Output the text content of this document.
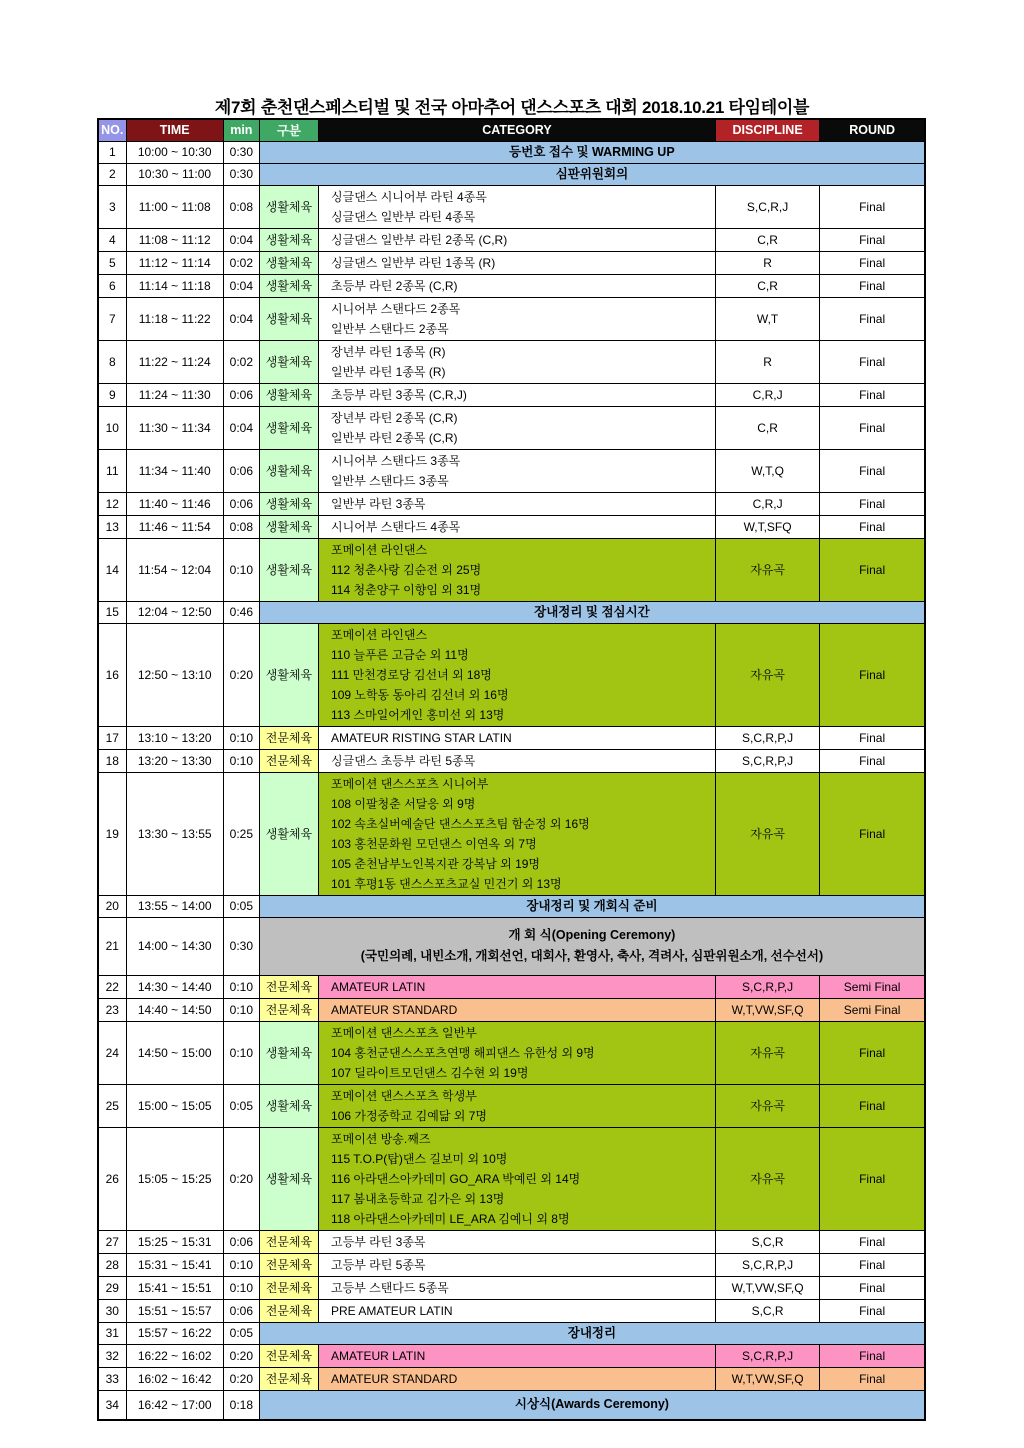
제7회 춘천댄스페스티벌 및 전국 아마추어 댄스스포츠 대회 2018.10.21 타임테이블
NO.	TIME	min	구분	CATEGORY	DISCIPLINE	ROUND
1	10:00 ~ 10:30	0:30	등번호 접수 및 WARMING UP			

2	10:30 ~ 11:00	0:30	심판위원회의			

3	11:00 ~ 11:08	0:08	생활체육	싱글댄스 시니어부 라틴 4종목
싱글댄스 일반부 라틴 4종목	S,C,R,J	Final
4	11:08 ~ 11:12	0:04	생활체육	싱글댄스 일반부 라틴 2종목 (C,R)	C,R	Final
5	11:12 ~ 11:14	0:02	생활체육	싱글댄스 일반부 라틴 1종목 (R)	R	Final
6	11:14 ~ 11:18	0:04	생활체육	초등부 라틴 2종목 (C,R)	C,R	Final
7	11:18 ~ 11:22	0:04	생활체육	시니어부 스탠다드 2종목
일반부 스탠다드 2종목	W,T	Final
8	11:22 ~ 11:24	0:02	생활체육	장년부 라틴 1종목 (R)
일반부 라틴 1종목 (R)	R	Final
9	11:24 ~ 11:30	0:06	생활체육	초등부 라틴 3종목 (C,R,J)	C,R,J	Final
10	11:30 ~ 11:34	0:04	생활체육	장년부 라틴 2종목 (C,R)
일반부 라틴 2종목 (C,R)	C,R	Final
11	11:34 ~ 11:40	0:06	생활체육	시니어부 스탠다드 3종목
일반부 스탠다드 3종목	W,T,Q	Final
12	11:40 ~ 11:46	0:06	생활체육	일반부 라틴 3종목	C,R,J	Final
13	11:46 ~ 11:54	0:08	생활체육	시니어부 스탠다드 4종목	W,T,SFQ	Final
14	11:54 ~ 12:04	0:10	생활체육	포메이션 라인댄스
112 청춘사랑 김순전 외 25명
114 청춘양구 이향임 외 31명	자유곡	Final
15	12:04 ~ 12:50	0:46	장내정리 및 점심시간			

16	12:50 ~ 13:10	0:20	생활체육	포메이션 라인댄스
110 늘푸른 고금순 외 11명
111 만천경로당 김선녀 외 18명
109 노학동 동아리 김선녀 외 16명
113 스마일어게인 홍미선 외 13명	자유곡	Final
17	13:10 ~ 13:20	0:10	전문체육	AMATEUR RISTING STAR LATIN	S,C,R,P,J	Final
18	13:20 ~ 13:30	0:10	전문체육	싱글댄스 초등부 라틴 5종목	S,C,R,P,J	Final
19	13:30 ~ 13:55	0:25	생활체육	
포메이션 댄스스포츠 시니어부
108 이팔청춘 서달응 외 9명
102 속초실버예술단 댄스스포츠팀 함순정 외 16명
103 홍천문화원 모던댄스 이연옥 외 7명
105 춘천남부노인복지관 강복남 외 19명
101 후평1동 댄스스포츠교실 민건기 외 13명
	자유곡	Final
20	13:55 ~ 14:00	0:05	장내정리 및 개회식 준비			

21	14:00 ~ 14:30	0:30	개 회 식(Opening Ceremony)
(국민의례, 내빈소개, 개회선언, 대회사, 환영사, 축사, 격려사, 심판위원소개, 선수선서)			

22	14:30 ~ 14:40	0:10	전문체육	AMATEUR LATIN	S,C,R,P,J	Semi Final
23	14:40 ~ 14:50	0:10	전문체육	AMATEUR STANDARD	W,T,VW,SF,Q	Semi Final
24	14:50 ~ 15:00	0:10	생활체육	포메이션 댄스스포츠 일반부
104 홍천군댄스스포츠연맹 해피댄스 유한성 외 9명
107 딜라이트모던댄스 김수현 외 19명	자유곡	Final
25	15:00 ~ 15:05	0:05	생활체육	포메이션 댄스스포츠 학생부
106 가정중학교 김예닮 외 7명	자유곡	Final
26	15:05 ~ 15:25	0:20	생활체육	포메이션 방송.째즈
115 T.O.P(탑)댄스 길보미 외 10명
116 아라댄스아카데미 GO_ARA 박예린 외 14명
117 봄내초등학교 김가은 외 13명
118 아라댄스아카데미 LE_ARA 김예니 외 8명	자유곡	Final
27	15:25 ~ 15:31	0:06	전문체육	고등부 라틴 3종목	S,C,R	Final
28	15:31 ~ 15:41	0:10	전문체육	고등부 라틴 5종목	S,C,R,P,J	Final
29	15:41 ~ 15:51	0:10	전문체육	고등부 스탠다드 5종목	W,T,VW,SF,Q	Final
30	15:51 ~ 15:57	0:06	전문체육	PRE AMATEUR LATIN	S,C,R	Final
31	15:57 ~ 16:22	0:05	장내정리			

32	16:22 ~ 16:02	0:20	전문체육	AMATEUR LATIN	S,C,R,P,J	Final
33	16:02 ~ 16:42	0:20	전문체육	AMATEUR STANDARD	W,T,VW,SF,Q	Final
34	16:42 ~ 17:00	0:18	시상식(Awards Ceremony)			
